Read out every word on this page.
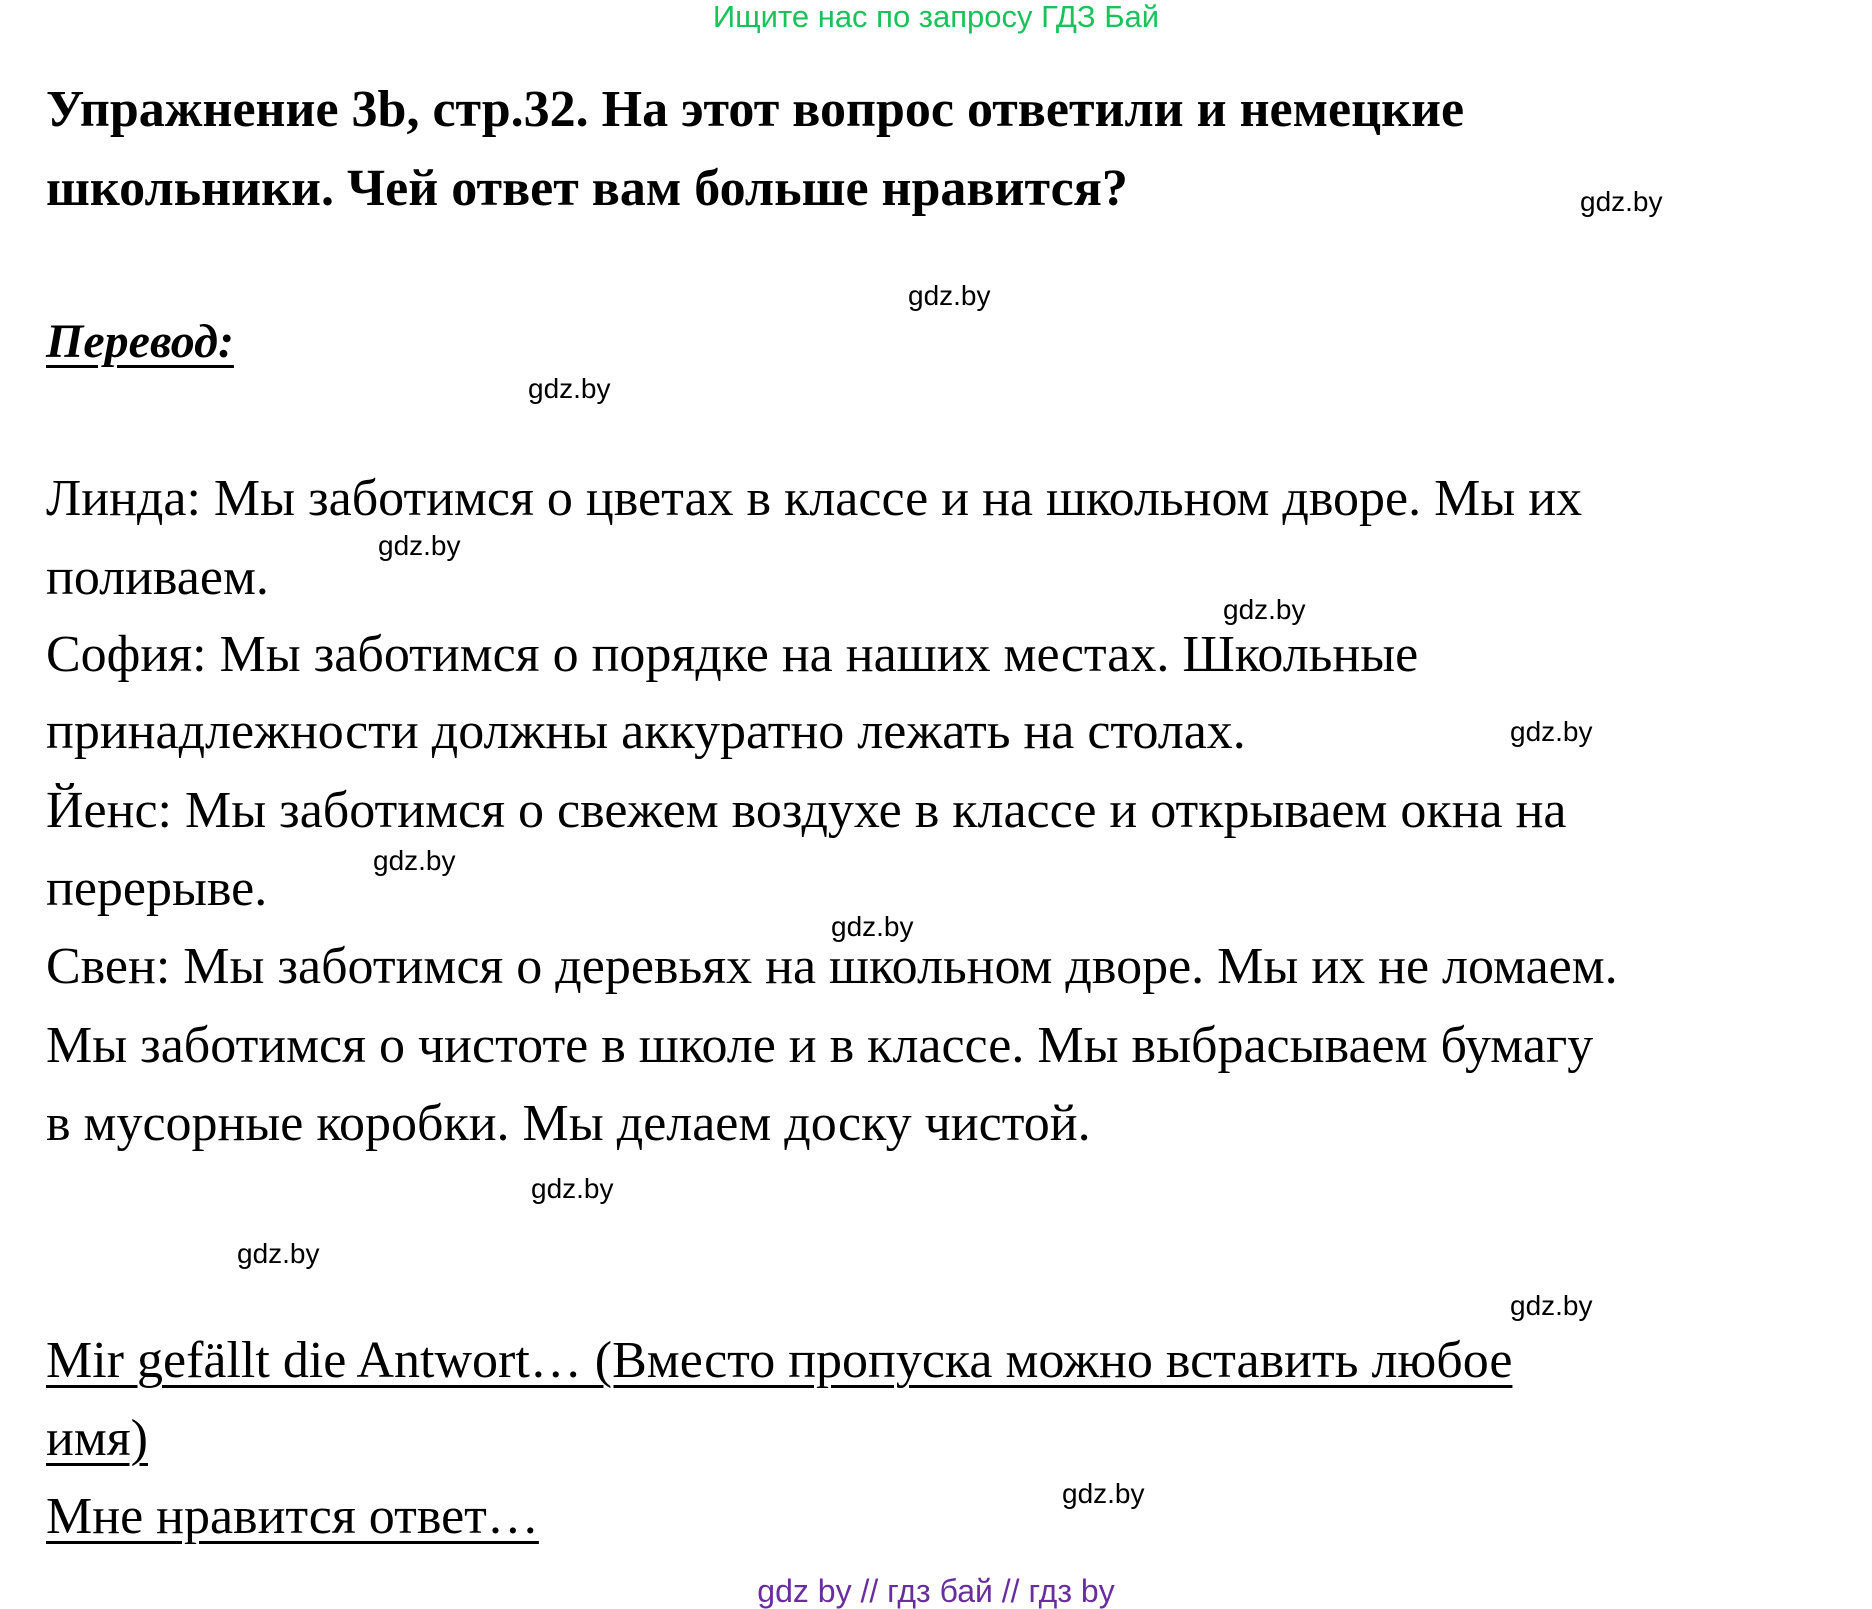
Ищите нас по запросу ГДЗ Бай
Упражнение 3b, стр.32. На этот вопрос ответили и немецкие
школьники. Чей ответ вам больше нравится?
Перевод:
Линда: Мы заботимся о цветах в классе и на школьном дворе. Мы их
поливаем.
София: Мы заботимся о порядке на наших местах. Школьные
принадлежности должны аккуратно лежать на столах.
Йенс: Мы заботимся о свежем воздухе в классе и открываем окна на
перерыве.
Свен: Мы заботимся о деревьях на школьном дворе. Мы их не ломаем.
Мы заботимся о чистоте в школе и в классе. Мы выбрасываем бумагу
в мусорные коробки. Мы делаем доску чистой.
Mir gefällt die Antwort… (Вместо пропуска можно вставить любое
имя)
Мне нравится ответ…
gdz.by
gdz.by
gdz.by
gdz.by
gdz.by
gdz.by
gdz.by
gdz.by
gdz.by
gdz.by
gdz.by
gdz.by
gdz by // гдз бай // гдз by
